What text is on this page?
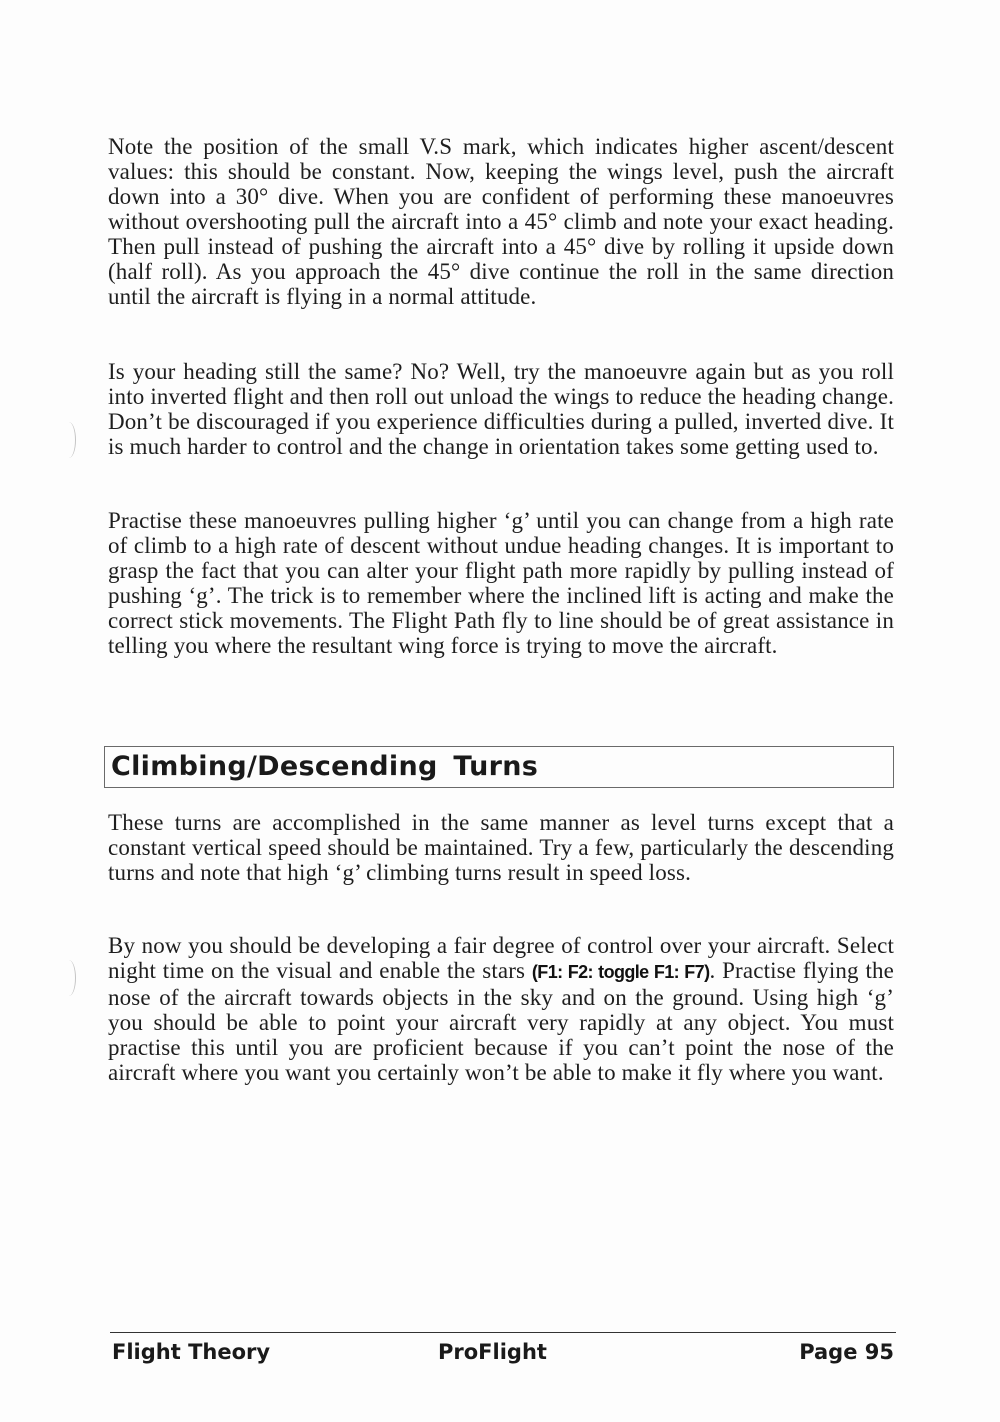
Note the position of the small V.S mark, which indicates higher ascent/descent values: this should be constant. Now, keeping the wings level, push the aircraft down into a 30° dive. When you are confident of performing these manoeuvres without overshooting pull the aircraft into a 45° climb and note your exact heading. Then pull instead of pushing the aircraft into a 45° dive by rolling it upside down (half roll). As you approach the 45° dive continue the roll in the same direction until the aircraft is flying in a normal attitude.

Is your heading still the same? No? Well, try the manoeuvre again but as you roll into inverted flight and then roll out unload the wings to reduce the heading change. Don’t be discouraged if you experience difficulties during a pulled, inverted dive. It is much harder to control and the change in orientation takes some getting used to.

Practise these manoeuvres pulling higher ‘g’ until you can change from a high rate of climb to a high rate of descent without undue heading changes. It is important to grasp the fact that you can alter your flight path more rapidly by pulling instead of pushing ‘g’. The trick is to remember where the inclined lift is acting and make the correct stick movements. The Flight Path fly to line should be of great assistance in telling you where the resultant wing force is trying to move the aircraft.

Climbing/Descending Turns

These turns are accomplished in the same manner as level turns except that a constant vertical speed should be maintained. Try a few, particularly the descending turns and note that high ‘g’ climbing turns result in speed loss.

By now you should be developing a fair degree of control over your aircraft. Select night time on the visual and enable the stars (F1: F2: toggle F1: F7). Practise flying the nose of the aircraft towards objects in the sky and on the ground. Using high ‘g’ you should be able to point your aircraft very rapidly at any object. You must practise this until you are proficient because if you can’t point the nose of the aircraft where you want you certainly won’t be able to make it fly where you want.

Flight Theory	ProFlight	Page 95
